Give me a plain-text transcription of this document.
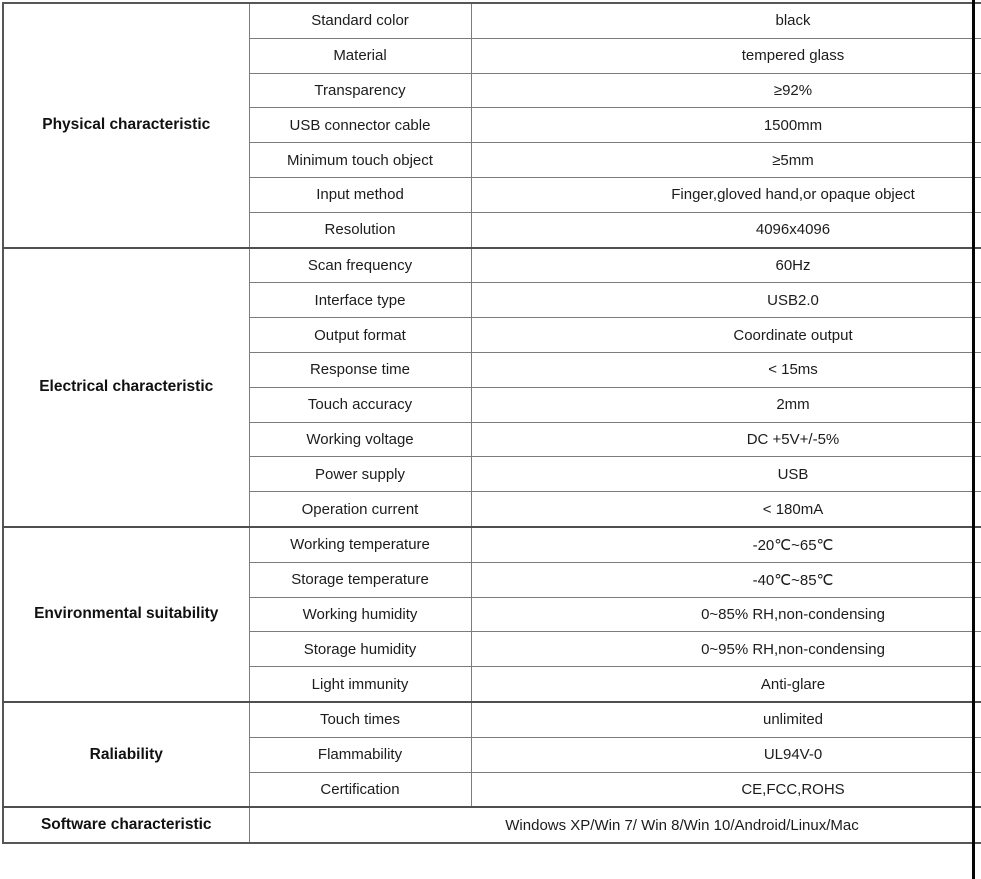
Physical characteristic	Standard color	black
	Material	tempered glass
	Transparency	≥92%
	USB connector cable	1500mm
	Minimum touch object	≥5mm
	Input method	Finger,gloved hand,or opaque object
	Resolution	4096x4096
Electrical characteristic	Scan frequency	60Hz
	Interface type	USB2.0
	Output format	Coordinate output
	Response time	< 15ms
	Touch accuracy	2mm
	Working voltage	DC +5V+/-5%
	Power supply	USB
	Operation current	< 180mA
Environmental suitability	Working temperature	-20℃~65℃
	Storage temperature	-40℃~85℃
	Working humidity	0~85% RH,non-condensing
	Storage humidity	0~95% RH,non-condensing
	Light immunity	Anti-glare
Raliability	Touch times	unlimited
	Flammability	UL94V-0
	Certification	CE,FCC,ROHS
Software characteristic	Windows XP/Win 7/ Win 8/Win 10/Android/Linux/Mac	
